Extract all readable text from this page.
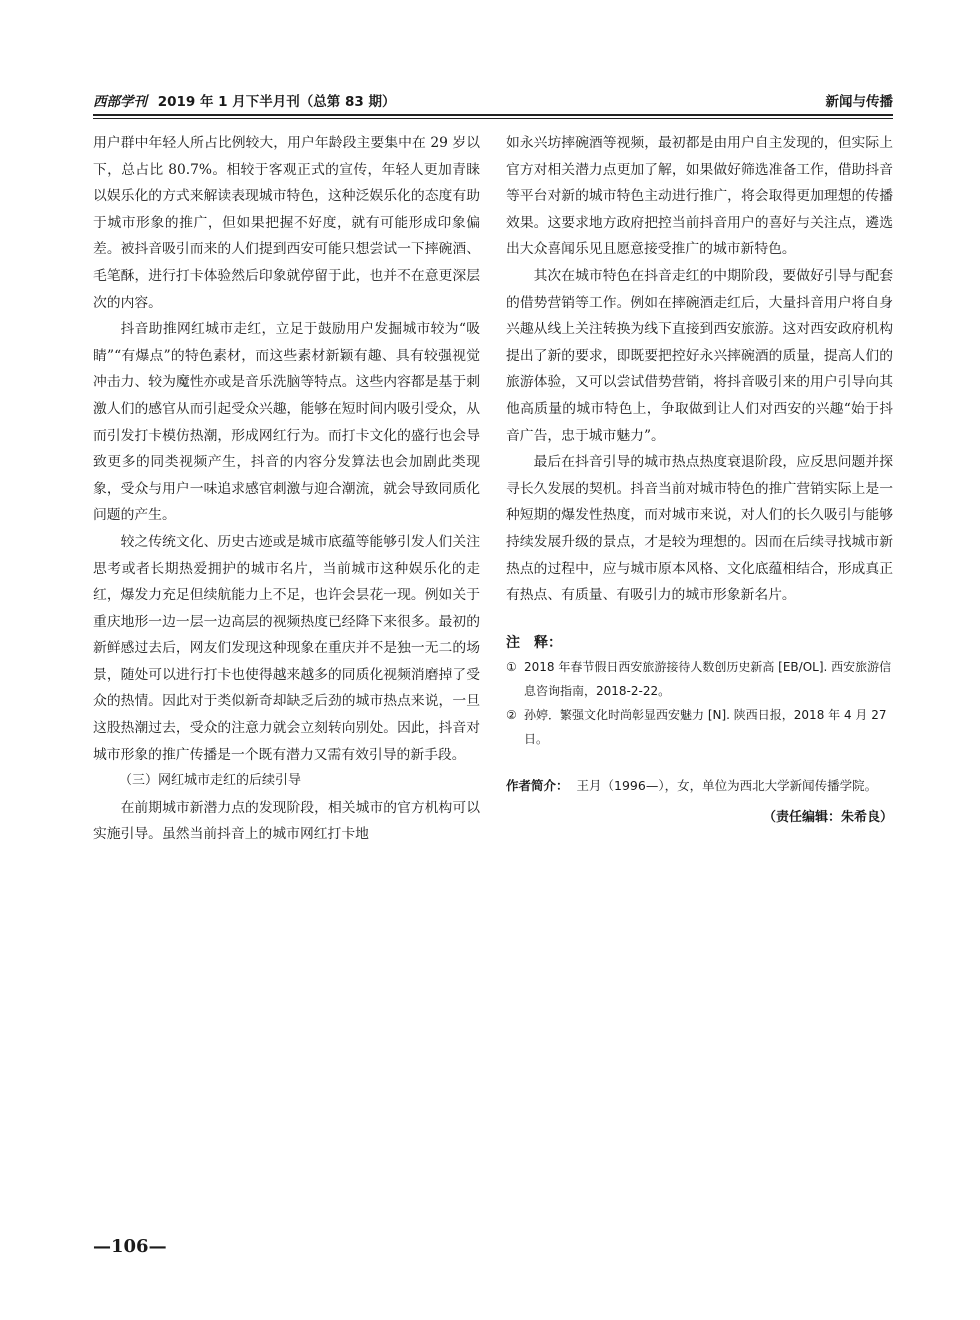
西部学刊 2019 年 1 月下半月刊（总第 83 期）	新闻与传播

用户群中年轻人所占比例较大，用户年龄段主要集中在 29 岁以下，总占比 80.7%。相较于客观正式的宣传，年轻人更加青睐以娱乐化的方式来解读表现城市特色，这种泛娱乐化的态度有助于城市形象的推广，但如果把握不好度，就有可能形成印象偏差。被抖音吸引而来的人们提到西安可能只想尝试一下摔碗酒、毛笔酥，进行打卡体验然后印象就停留于此，也并不在意更深层次的内容。

抖音助推网红城市走红，立足于鼓励用户发掘城市较为“吸睛”“有爆点”的特色素材，而这些素材新颖有趣、具有较强视觉冲击力、较为魔性亦或是音乐洗脑等特点。这些内容都是基于刺激人们的感官从而引起受众兴趣，能够在短时间内吸引受众，从而引发打卡模仿热潮，形成网红行为。而打卡文化的盛行也会导致更多的同类视频产生，抖音的内容分发算法也会加剧此类现象，受众与用户一味追求感官刺激与迎合潮流，就会导致同质化问题的产生。

较之传统文化、历史古迹或是城市底蕴等能够引发人们关注思考或者长期热爱拥护的城市名片，当前城市这种娱乐化的走红，爆发力充足但续航能力上不足，也许会昙花一现。例如关于重庆地形一边一层一边高层的视频热度已经降下来很多。最初的新鲜感过去后，网友们发现这种现象在重庆并不是独一无二的场景，随处可以进行打卡也使得越来越多的同质化视频消磨掉了受众的热情。因此对于类似新奇却缺乏后劲的城市热点来说，一旦这股热潮过去，受众的注意力就会立刻转向别处。因此，抖音对城市形象的推广传播是一个既有潜力又需有效引导的新手段。

（三）网红城市走红的后续引导

在前期城市新潜力点的发现阶段，相关城市的官方机构可以实施引导。虽然当前抖音上的城市网红打卡地

如永兴坊摔碗酒等视频，最初都是由用户自主发现的，但实际上官方对相关潜力点更加了解，如果做好筛选准备工作，借助抖音等平台对新的城市特色主动进行推广，将会取得更加理想的传播效果。这要求地方政府把控当前抖音用户的喜好与关注点，遴选出大众喜闻乐见且愿意接受推广的城市新特色。

其次在城市特色在抖音走红的中期阶段，要做好引导与配套的借势营销等工作。例如在摔碗酒走红后，大量抖音用户将自身兴趣从线上关注转换为线下直接到西安旅游。这对西安政府机构提出了新的要求，即既要把控好永兴摔碗酒的质量，提高人们的旅游体验，又可以尝试借势营销，将抖音吸引来的用户引导向其他高质量的城市特色上，争取做到让人们对西安的兴趣“始于抖音广告，忠于城市魅力”。

最后在抖音引导的城市热点热度衰退阶段，应反思问题并探寻长久发展的契机。抖音当前对城市特色的推广营销实际上是一种短期的爆发性热度，而对城市来说，对人们的长久吸引与能够持续发展升级的景点，才是较为理想的。因而在后续寻找城市新热点的过程中，应与城市原本风格、文化底蕴相结合，形成真正有热点、有质量、有吸引力的城市形象新名片。

注　释：
① 2018 年春节假日西安旅游接待人数创历史新高 [EB/OL]. 西安旅游信息咨询指南，2018-2-22。
② 孙婷．繁强文化时尚彰显西安魅力 [N]. 陕西日报，2018 年 4 月 27 日。
作者简介： 王月（1996—），女，单位为西北大学新闻传播学院。
（责任编辑：朱希良）
—106—
